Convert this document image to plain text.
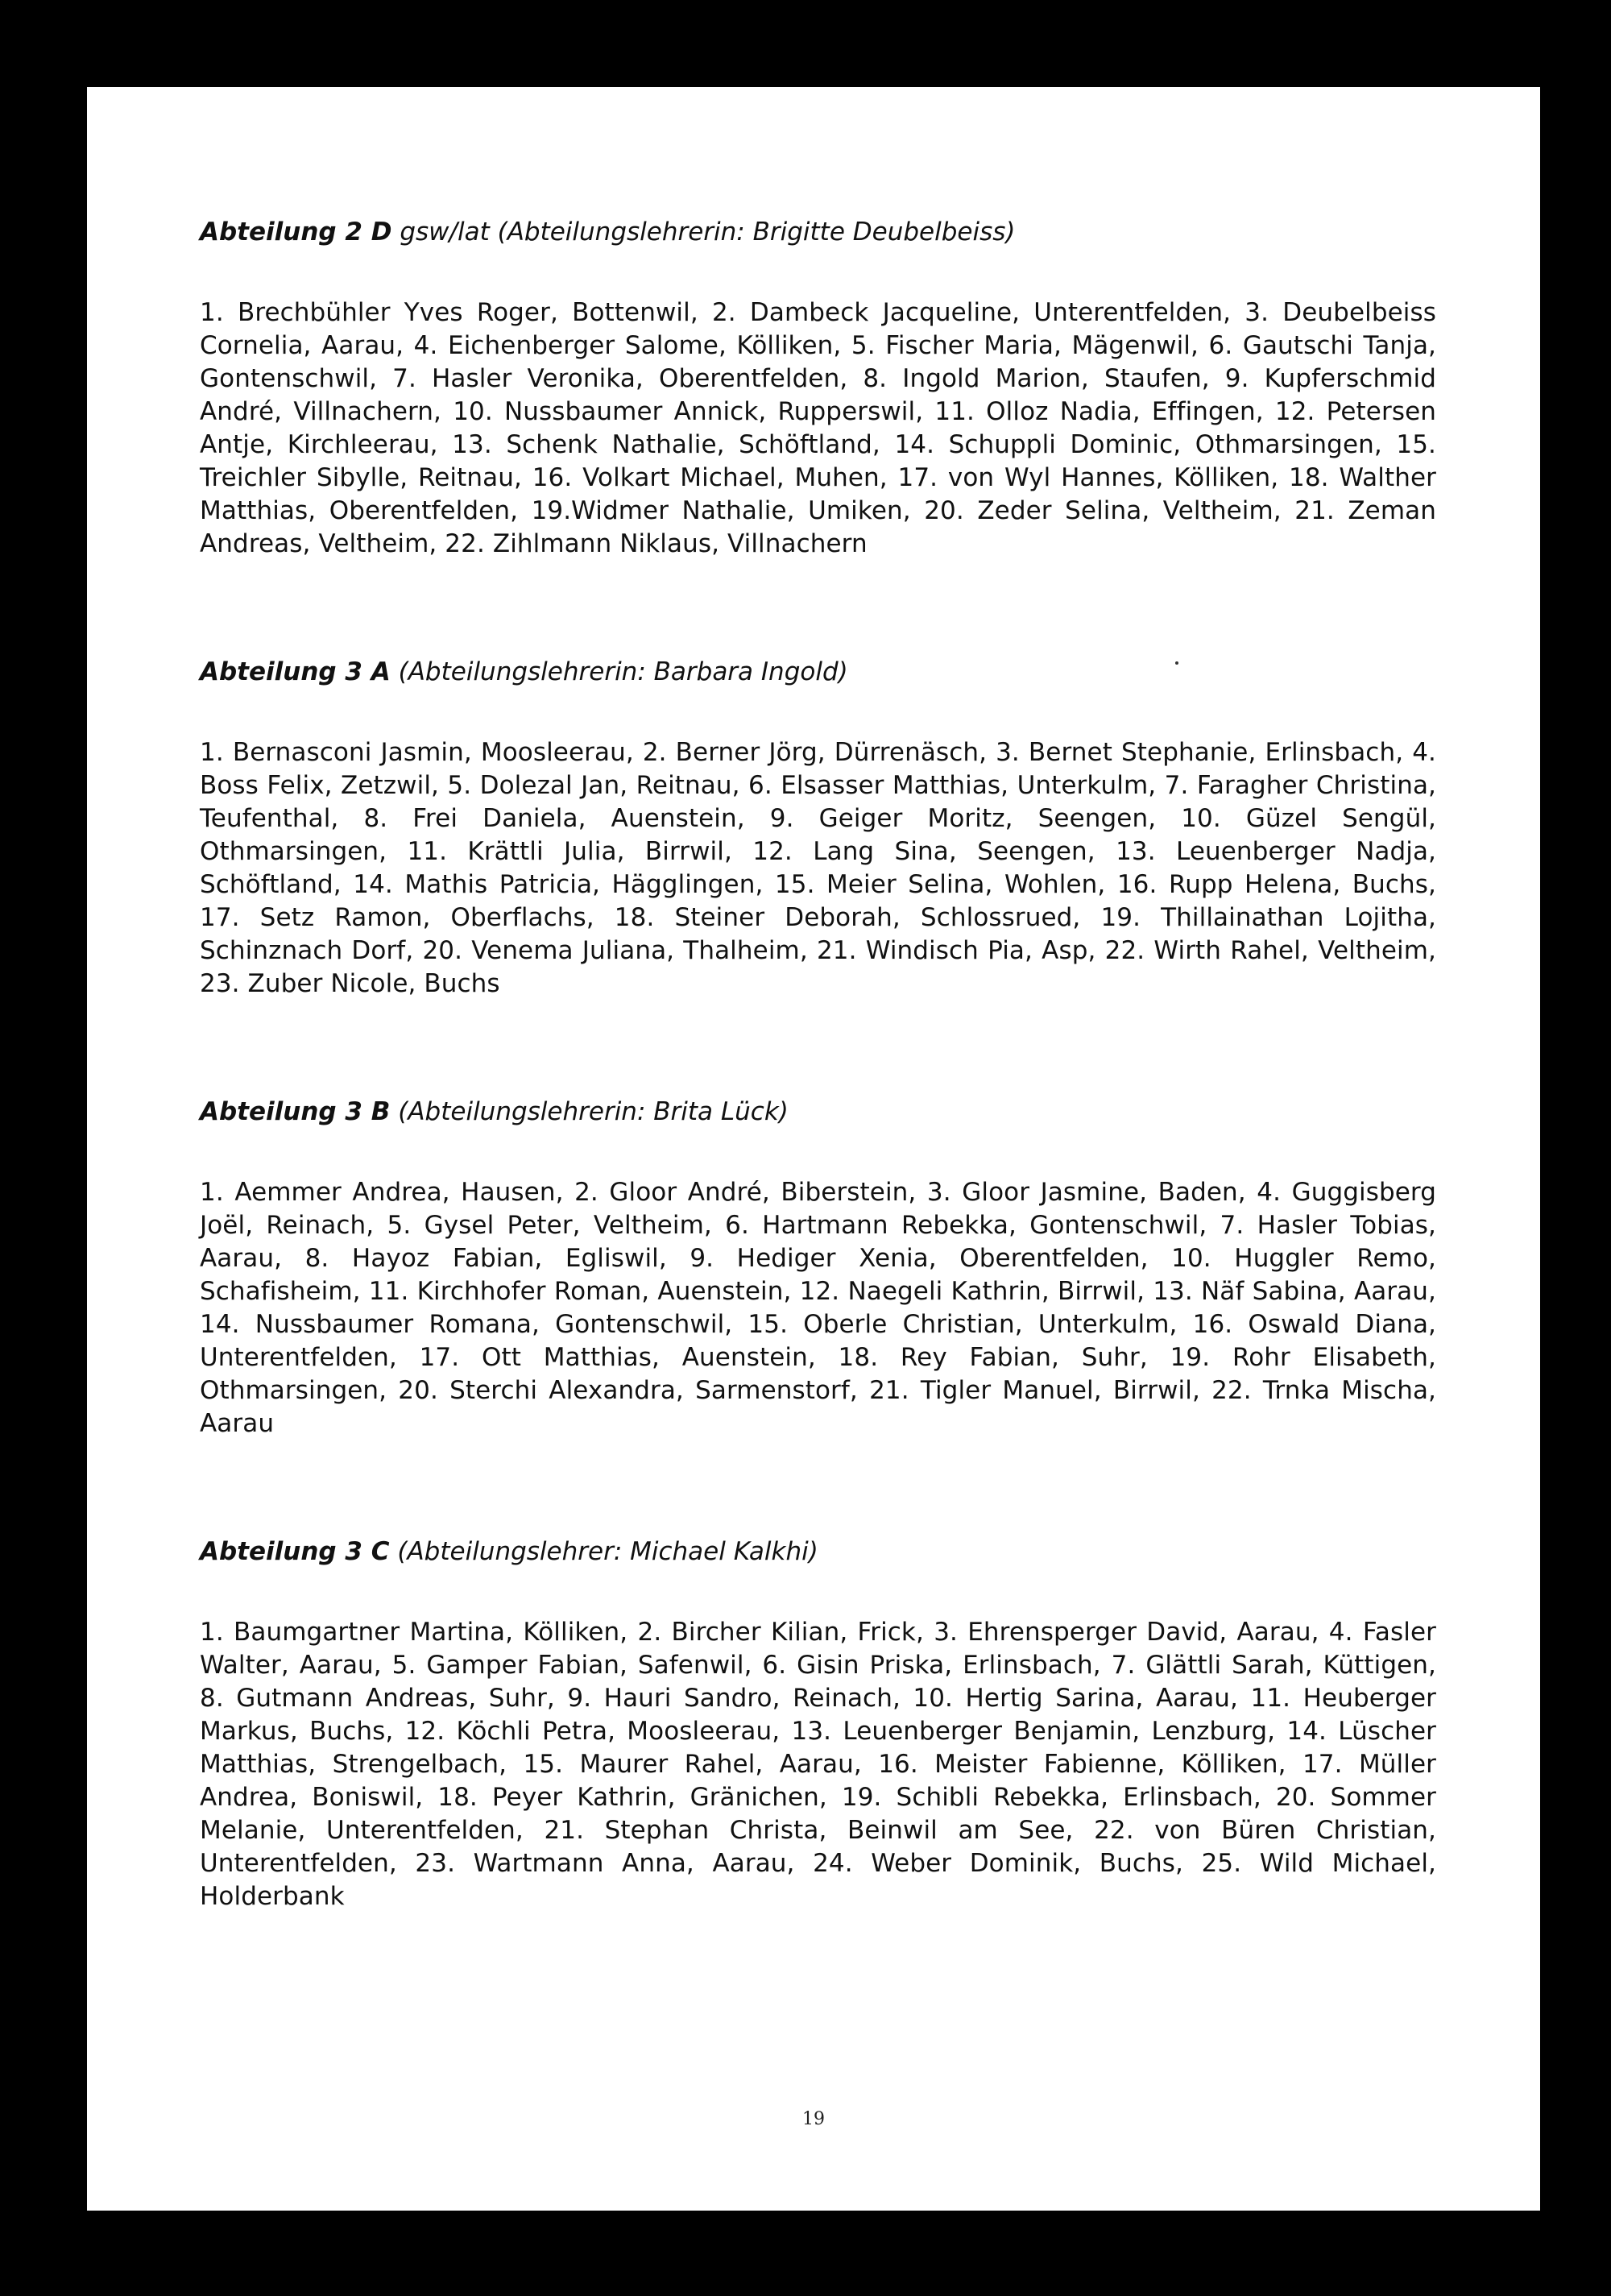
Abteilung 2 D gsw/lat (Abteilungslehrerin: Brigitte Deubelbeiss)

1. Brechbühler Yves Roger, Bottenwil, 2. Dambeck Jacqueline, Unterentfelden, 3. Deubelbeiss Cornelia, Aarau, 4. Eichenberger Salome, Kölliken, 5. Fischer Maria, Mägenwil, 6. Gautschi Tanja, Gontenschwil, 7. Hasler Veronika, Oberentfelden, 8. Ingold Marion, Staufen, 9. Kupferschmid André, Villnachern, 10. Nussbaumer Annick, Rupperswil, 11. Olloz Nadia, Effingen, 12. Petersen Antje, Kirchleerau, 13. Schenk Nathalie, Schöftland, 14. Schuppli Dominic, Othmarsingen, 15. Treichler Sibylle, Reitnau, 16. Volkart Michael, Muhen, 17. von Wyl Hannes, Kölliken, 18. Walther Matthias, Oberentfelden, 19.Widmer Nathalie, Umiken, 20. Zeder Selina, Veltheim, 21. Zeman Andreas, Veltheim, 22. Zihlmann Niklaus, Villnachern

Abteilung 3 A (Abteilungslehrerin: Barbara Ingold)

1. Bernasconi Jasmin, Moosleerau, 2. Berner Jörg, Dürrenäsch, 3. Bernet Stephanie, Erlinsbach, 4. Boss Felix, Zetzwil, 5. Dolezal Jan, Reitnau, 6. Elsasser Matthias, Unterkulm, 7. Faragher Christina, Teufenthal, 8. Frei Daniela, Auenstein, 9. Geiger Moritz, Seengen, 10. Güzel Sengül, Othmarsingen, 11. Krättli Julia, Birrwil, 12. Lang Sina, Seengen, 13. Leuenberger Nadja, Schöftland, 14. Mathis Patricia, Hägglingen, 15. Meier Selina, Wohlen, 16. Rupp Helena, Buchs, 17. Setz Ramon, Oberflachs, 18. Steiner Deborah, Schlossrued, 19. Thillainathan Lojitha, Schinznach Dorf, 20. Venema Juliana, Thalheim, 21. Windisch Pia, Asp, 22. Wirth Rahel, Veltheim, 23. Zuber Nicole, Buchs

Abteilung 3 B (Abteilungslehrerin: Brita Lück)

1. Aemmer Andrea, Hausen, 2. Gloor André, Biberstein, 3. Gloor Jasmine, Baden, 4. Guggisberg Joël, Reinach, 5. Gysel Peter, Veltheim, 6. Hartmann Rebekka, Gontenschwil, 7. Hasler Tobias, Aarau, 8. Hayoz Fabian, Egliswil, 9. Hediger Xenia, Oberentfelden, 10. Huggler Remo, Schafisheim, 11. Kirchhofer Roman, Auenstein, 12. Naegeli Kathrin, Birrwil, 13. Näf Sabina, Aarau, 14. Nussbaumer Romana, Gontenschwil, 15. Oberle Christian, Unterkulm, 16. Oswald Diana, Unterentfelden, 17. Ott Matthias, Auenstein, 18. Rey Fabian, Suhr, 19. Rohr Elisabeth, Othmarsingen, 20. Sterchi Alexandra, Sarmenstorf, 21. Tigler Manuel, Birrwil, 22. Trnka Mischa, Aarau

Abteilung 3 C (Abteilungslehrer: Michael Kalkhi)

1. Baumgartner Martina, Kölliken, 2. Bircher Kilian, Frick, 3. Ehrensperger David, Aarau, 4. Fasler Walter, Aarau, 5. Gamper Fabian, Safenwil, 6. Gisin Priska, Erlinsbach, 7. Glättli Sarah, Küttigen, 8. Gutmann Andreas, Suhr, 9. Hauri Sandro, Reinach, 10. Hertig Sarina, Aarau, 11. Heuberger Markus, Buchs, 12. Köchli Petra, Moosleerau, 13. Leuenberger Benjamin, Lenzburg, 14. Lüscher Matthias, Strengelbach, 15. Maurer Rahel, Aarau, 16. Meister Fabienne, Kölliken, 17. Müller Andrea, Boniswil, 18. Peyer Kathrin, Gränichen, 19. Schibli Rebekka, Erlinsbach, 20. Sommer Melanie, Unterentfelden, 21. Stephan Christa, Beinwil am See, 22. von Büren Christian, Unterentfelden, 23. Wartmann Anna, Aarau, 24. Weber Dominik, Buchs, 25. Wild Michael, Holderbank

19
